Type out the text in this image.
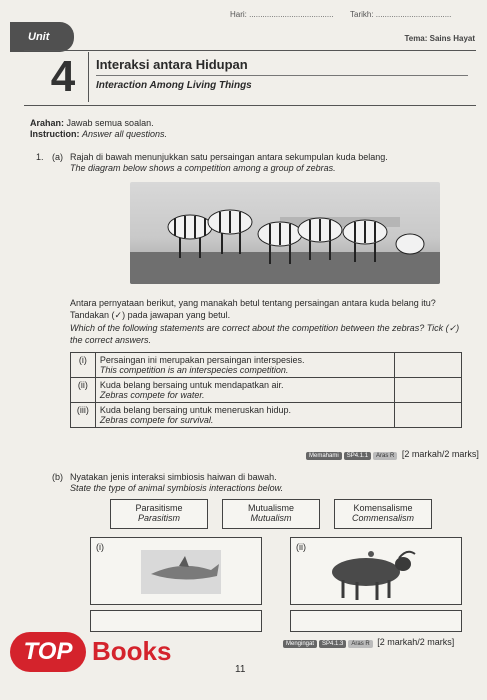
Unit
Hari: ...................................... Tarikh: ..................................
Tema: Sains Hayat
4	Interaksi antara Hidupan
Interaction Among Living Things
Arahan: Jawab semua soalan.
Instruction: Answer all questions.
1. (a) Rajah di bawah menunjukkan satu persaingan antara sekumpulan kuda belang.
The diagram below shows a competition among a group of zebras.
Antara pernyataan berikut, yang manakah betul tentang persaingan antara kuda belang itu? Tandakan (✓) pada jawapan yang betul.
Which of the following statements are correct about the competition between the zebras? Tick (✓) the correct answers.
(i)	Persaingan ini merupakan persaingan interspesies.
This competition is an interspecies competition.	

(ii)	Kuda belang bersaing untuk mendapatkan air.
Zebras compete for water.	

(iii)	Kuda belang bersaing untuk meneruskan hidup.
Zebras compete for survival.	

Memahami SP4.1.1 Aras R [2 markah/2 marks]
(b) Nyatakan jenis interaksi simbiosis haiwan di bawah.
State the type of animal symbiosis interactions below.
Parasitisme
Parasitism
Mutualisme
Mutualism
Komensalisme
Commensalism
(i)	(ii)
Mengingat SP4.1.3 Aras R [2 markah/2 marks]
TOP Books
11
